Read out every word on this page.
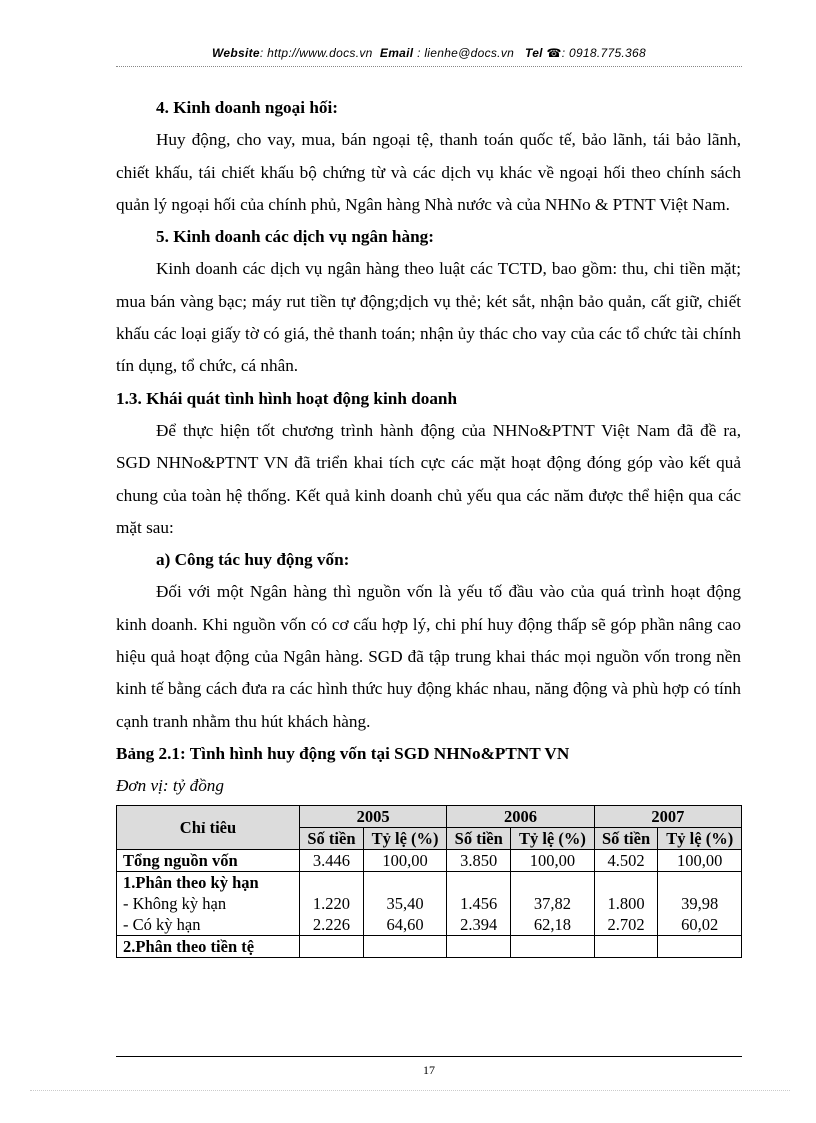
Website: http://www.docs.vn Email : lienhe@docs.vn Tel ☎: 0918.775.368
4. Kinh doanh ngoại hối:

Huy động, cho vay, mua, bán ngoại tệ, thanh toán quốc tế, bảo lãnh, tái bảo lãnh, chiết khấu, tái chiết khấu bộ chứng từ và các dịch vụ khác về ngoại hối theo chính sách quản lý ngoại hối của chính phủ, Ngân hàng Nhà nước và của NHNo & PTNT Việt Nam.

5. Kinh doanh các dịch vụ ngân hàng:

Kinh doanh các dịch vụ ngân hàng theo luật các TCTD, bao gồm: thu, chi tiền mặt; mua bán vàng bạc; máy rut tiền tự động;dịch vụ thẻ; két sắt, nhận bảo quản, cất giữ, chiết khấu các loại giấy tờ có giá, thẻ thanh toán; nhận ủy thác cho vay của các tổ chức tài chính tín dụng, tổ chức, cá nhân.

1.3. Khái quát tình hình hoạt động kinh doanh

Để thực hiện tốt chương trình hành động của NHNo&PTNT Việt Nam đã đề ra, SGD NHNo&PTNT VN đã triển khai tích cực các mặt hoạt động đóng góp vào kết quả chung của toàn hệ thống. Kết quả kinh doanh chủ yếu qua các năm được thể hiện qua các mặt sau:

a) Công tác huy động vốn:

Đối với một Ngân hàng thì nguồn vốn là yếu tố đầu vào của quá trình hoạt động kinh doanh. Khi nguồn vốn có cơ cấu hợp lý, chi phí huy động thấp sẽ góp phần nâng cao hiệu quả hoạt động của Ngân hàng. SGD đã tập trung khai thác mọi nguồn vốn trong nền kinh tế bằng cách đưa ra các hình thức huy động khác nhau, năng động và phù hợp có tính cạnh tranh nhằm thu hút khách hàng.

Bảng 2.1: Tình hình huy động vốn tại SGD NHNo&PTNT VN

Đơn vị: tỷ đồng

Chỉ tiêu	2005		2006		2007	
	Số tiền	Tỷ lệ (%)	Số tiền	Tỷ lệ (%)	Số tiền	Tỷ lệ (%)
Tổng nguồn vốn	3.446	100,00	3.850	100,00	4.502	100,00
1.Phân theo kỳ hạn						
- Không kỳ hạn	1.220	35,40	1.456	37,82	1.800	39,98
- Có kỳ hạn	2.226	64,60	2.394	62,18	2.702	60,02
2.Phân theo tiền tệ						
17
